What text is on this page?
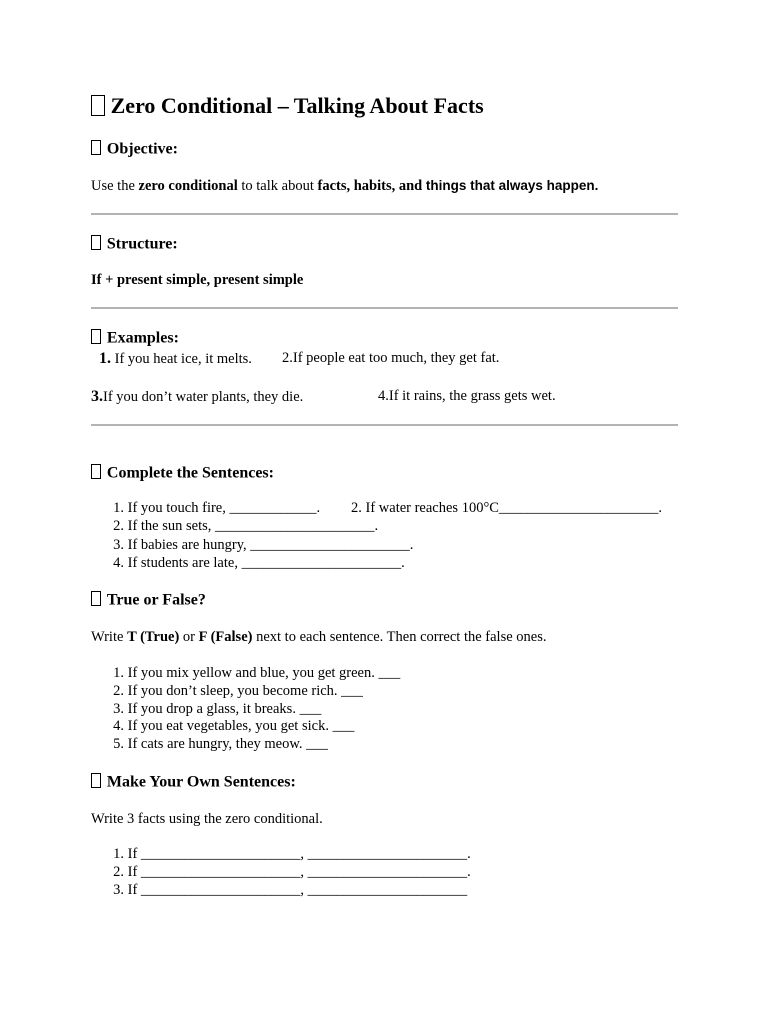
Zero Conditional – Talking About Facts
Objective:
Use the zero conditional to talk about facts, habits, and things that always happen.
Structure:
If + present simple, present simple
Examples:
1. If you heat ice, it melts. 2.If people eat too much, they get fat.
3.If you don’t water plants, they die.	4.If it rains, the grass gets wet.
Complete the Sentences:
1. If you touch fire, ____________. 2. If water reaches 100°C______________________.
2. If the sun sets, ______________________.
3. If babies are hungry, ______________________.
4. If students are late, ______________________.
True or False?
Write T (True) or F (False) next to each sentence. Then correct the false ones.
1. If you mix yellow and blue, you get green. ___
2. If you don’t sleep, you become rich. ___
3. If you drop a glass, it breaks. ___
4. If you eat vegetables, you get sick. ___
5. If cats are hungry, they meow. ___
Make Your Own Sentences:
Write 3 facts using the zero conditional.
1. If ______________________, ______________________.
2. If ______________________, ______________________.
3. If ______________________, ______________________
